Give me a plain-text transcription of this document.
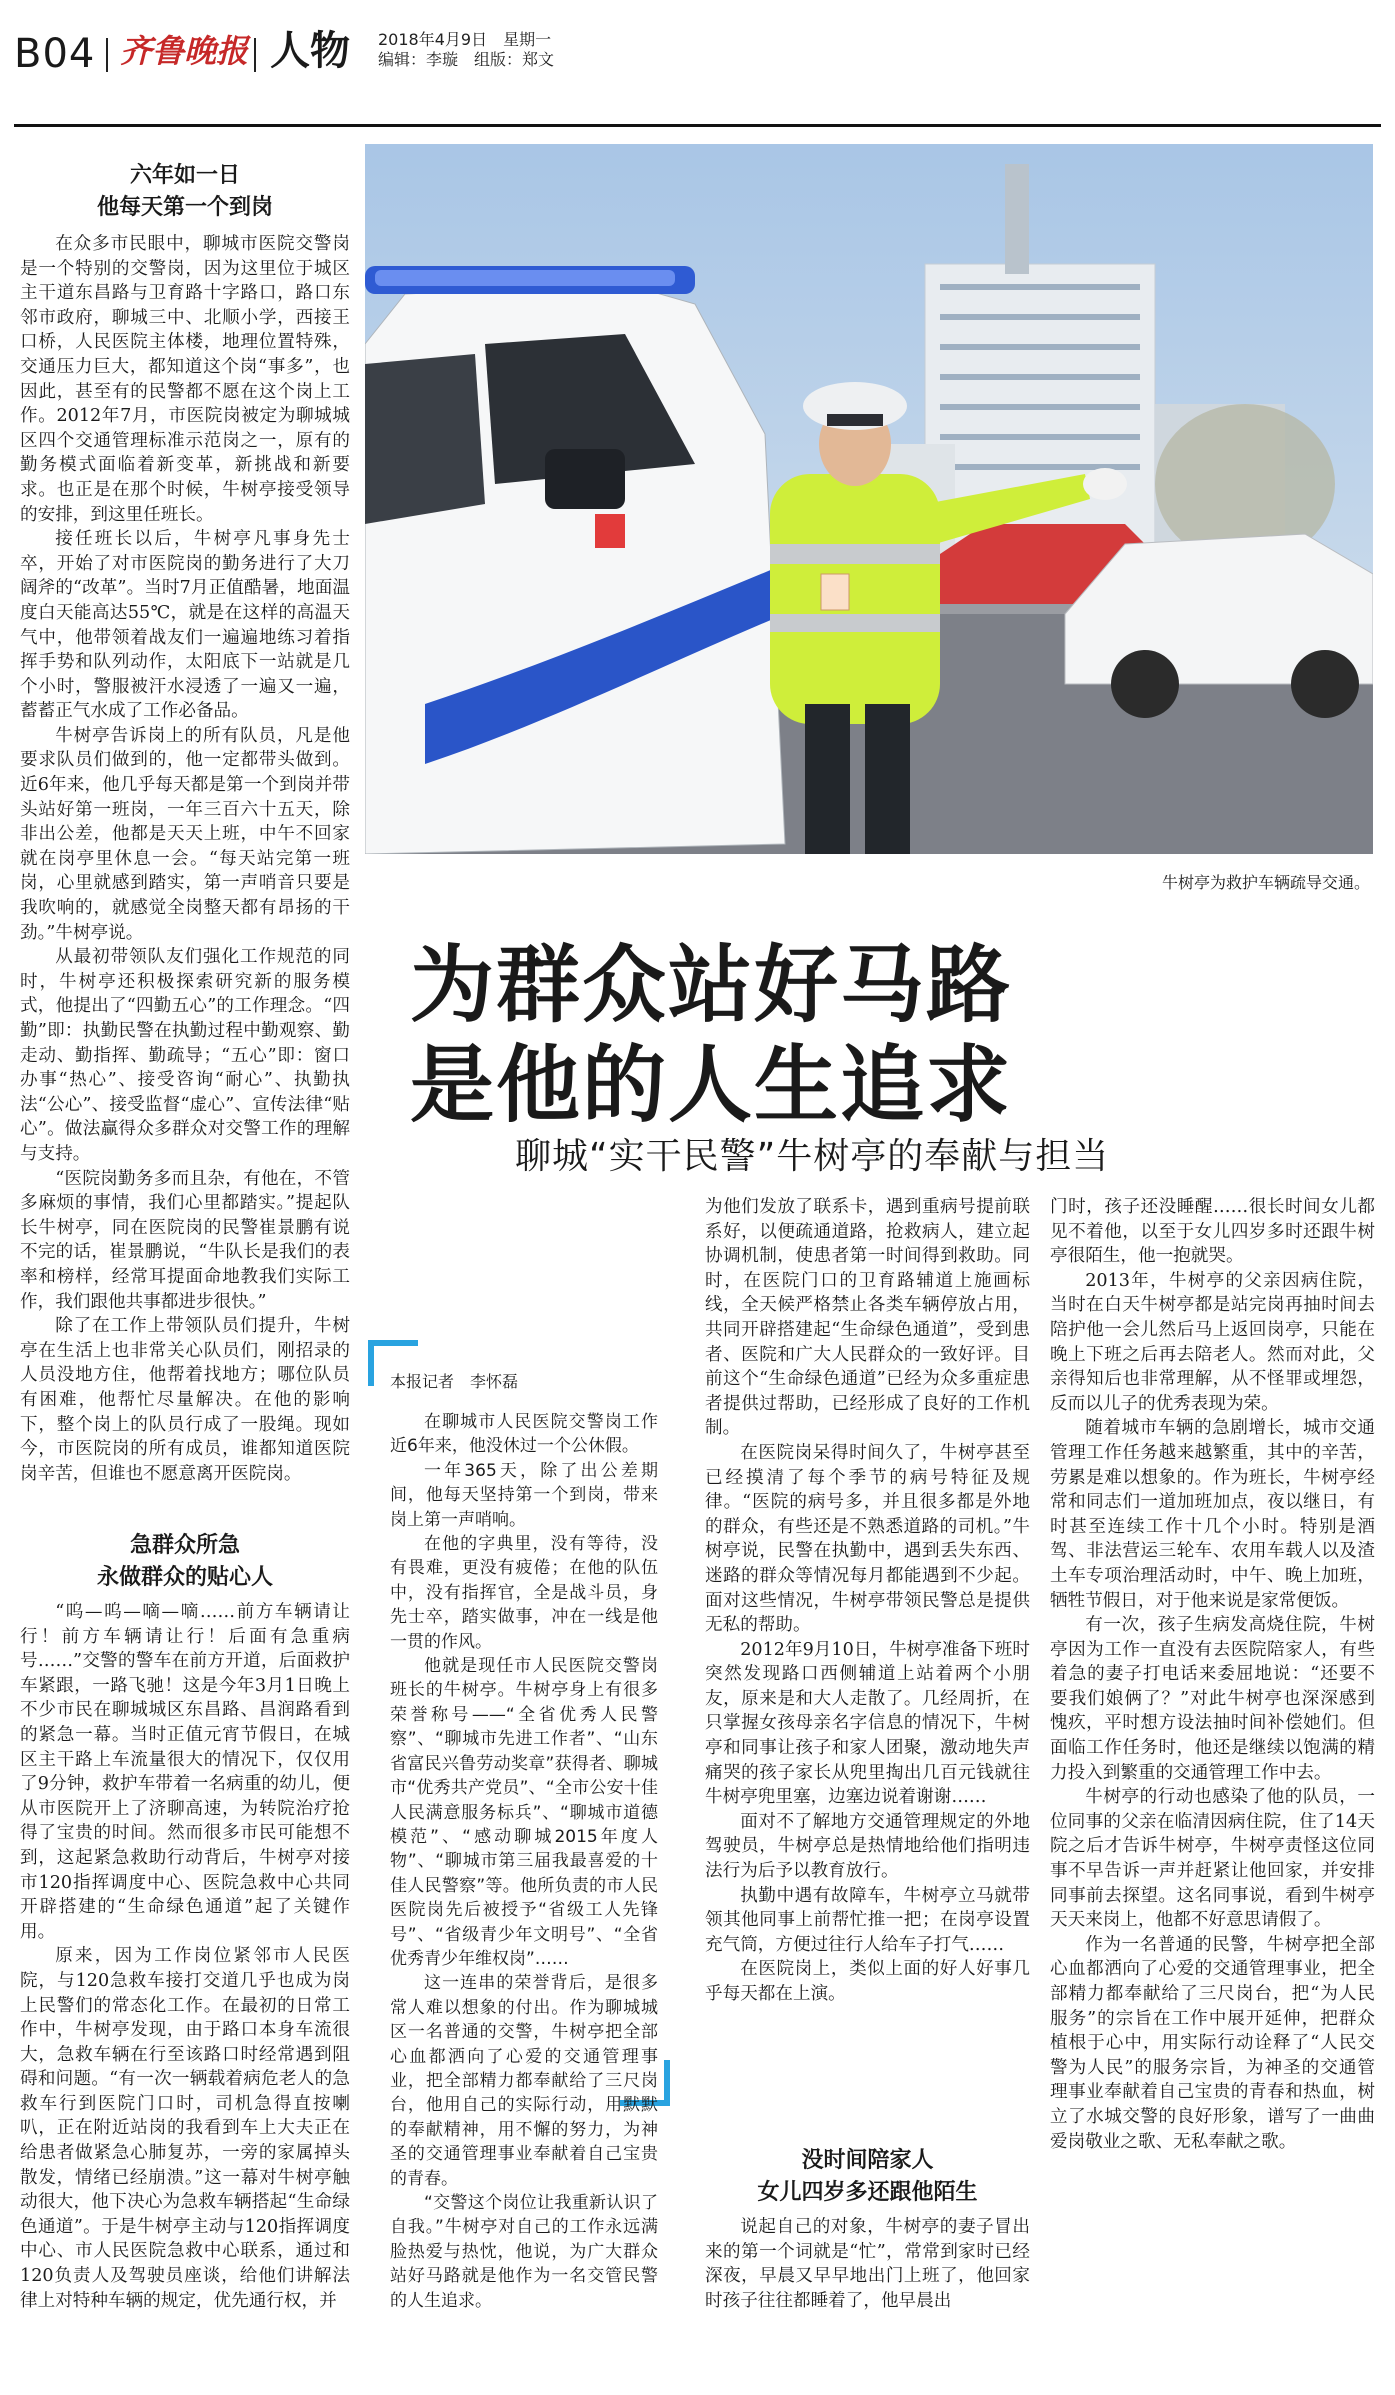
B04 齐鲁晚报 人物 2018年4月9日　星期一
编辑：李璇　组版：郑文
牛树亭为救护车辆疏导交通。
为群众站好马路
是他的人生追求
聊城“实干民警”牛树亭的奉献与担当
六年如一日
他每天第一个到岗

在众多市民眼中，聊城市医院交警岗是一个特别的交警岗，因为这里位于城区主干道东昌路与卫育路十字路口，路口东邻市政府，聊城三中、北顺小学，西接王口桥，人民医院主体楼，地理位置特殊，交通压力巨大，都知道这个岗“事多”，也因此，甚至有的民警都不愿在这个岗上工作。2012年7月，市医院岗被定为聊城城区四个交通管理标准示范岗之一，原有的勤务模式面临着新变革，新挑战和新要求。也正是在那个时候，牛树亭接受领导的安排，到这里任班长。

接任班长以后，牛树亭凡事身先士卒，开始了对市医院岗的勤务进行了大刀阔斧的“改革”。当时7月正值酷暑，地面温度白天能高达55℃，就是在这样的高温天气中，他带领着战友们一遍遍地练习着指挥手势和队列动作，太阳底下一站就是几个小时，警服被汗水浸透了一遍又一遍，蓄蓄正气水成了工作必备品。

牛树亭告诉岗上的所有队员，凡是他要求队员们做到的，他一定都带头做到。近6年来，他几乎每天都是第一个到岗并带头站好第一班岗，一年三百六十五天，除非出公差，他都是天天上班，中午不回家就在岗亭里休息一会。“每天站完第一班岗，心里就感到踏实，第一声哨音只要是我吹响的，就感觉全岗整天都有昂扬的干劲。”牛树亭说。

从最初带领队友们强化工作规范的同时，牛树亭还积极探索研究新的服务模式，他提出了“四勤五心”的工作理念。“四勤”即：执勤民警在执勤过程中勤观察、勤走动、勤指挥、勤疏导；“五心”即：窗口办事“热心”、接受咨询“耐心”、执勤执法“公心”、接受监督“虚心”、宣传法律“贴心”。做法赢得众多群众对交警工作的理解与支持。

“医院岗勤务多而且杂，有他在，不管多麻烦的事情，我们心里都踏实。”提起队长牛树亭，同在医院岗的民警崔景鹏有说不完的话，崔景鹏说，“牛队长是我们的表率和榜样，经常耳提面命地教我们实际工作，我们跟他共事都进步很快。”

除了在工作上带领队员们提升，牛树亭在生活上也非常关心队员们，刚招录的人员没地方住，他帮着找地方；哪位队员有困难，他帮忙尽量解决。在他的影响下，整个岗上的队员行成了一股绳。现如今，市医院岗的所有成员，谁都知道医院岗辛苦，但谁也不愿意离开医院岗。

急群众所急
永做群众的贴心人

“呜—呜—嘀—嘀……前方车辆请让行！前方车辆请让行！后面有急重病号……”交警的警车在前方开道，后面救护车紧跟，一路飞驰！这是今年3月1日晚上不少市民在聊城城区东昌路、昌润路看到的紧急一幕。当时正值元宵节假日，在城区主干路上车流量很大的情况下，仅仅用了9分钟，救护车带着一名病重的幼儿，便从市医院开上了济聊高速，为转院治疗抢得了宝贵的时间。然而很多市民可能想不到，这起紧急救助行动背后，牛树亭对接市120指挥调度中心、医院急救中心共同开辟搭建的“生命绿色通道”起了关键作用。

原来，因为工作岗位紧邻市人民医院，与120急救车接打交道几乎也成为岗上民警们的常态化工作。在最初的日常工作中，牛树亭发现，由于路口本身车流很大，急救车辆在行至该路口时经常遇到阻碍和问题。“有一次一辆载着病危老人的急救车行到医院门口时，司机急得直按喇叭，正在附近站岗的我看到车上大夫正在给患者做紧急心肺复苏，一旁的家属掉头散发，情绪已经崩溃。”这一幕对牛树亭触动很大，他下决心为急救车辆搭起“生命绿色通道”。于是牛树亭主动与120指挥调度中心、市人民医院急救中心联系，通过和120负责人及驾驶员座谈，给他们讲解法律上对特种车辆的规定，优先通行权，并

本报记者　李怀磊

在聊城市人民医院交警岗工作近6年来，他没休过一个公休假。

一年365天，除了出公差期间，他每天坚持第一个到岗，带来岗上第一声哨响。

在他的字典里，没有等待，没有畏难，更没有疲倦；在他的队伍中，没有指挥官，全是战斗员，身先士卒，踏实做事，冲在一线是他一贯的作风。

他就是现任市人民医院交警岗班长的牛树亭。牛树亭身上有很多荣誉称号——“全省优秀人民警察”、“聊城市先进工作者”、“山东省富民兴鲁劳动奖章”获得者、聊城市“优秀共产党员”、“全市公安十佳人民满意服务标兵”、“聊城市道德模范”、“感动聊城2015年度人物”、“聊城市第三届我最喜爱的十佳人民警察”等。他所负责的市人民医院岗先后被授予“省级工人先锋号”、“省级青少年文明号”、“全省优秀青少年维权岗”……

这一连串的荣誉背后，是很多常人难以想象的付出。作为聊城城区一名普通的交警，牛树亭把全部心血都洒向了心爱的交通管理事业，把全部精力都奉献给了三尺岗台，他用自己的实际行动，用默默的奉献精神，用不懈的努力，为神圣的交通管理事业奉献着自己宝贵的青春。

“交警这个岗位让我重新认识了自我。”牛树亭对自己的工作永远满脸热爱与热忱，他说，为广大群众站好马路就是他作为一名交管民警的人生追求。

为他们发放了联系卡，遇到重病号提前联系好，以便疏通道路，抢救病人，建立起协调机制，使患者第一时间得到救助。同时，在医院门口的卫育路辅道上施画标线，全天候严格禁止各类车辆停放占用，共同开辟搭建起“生命绿色通道”，受到患者、医院和广大人民群众的一致好评。目前这个“生命绿色通道”已经为众多重症患者提供过帮助，已经形成了良好的工作机制。

在医院岗呆得时间久了，牛树亭甚至已经摸清了每个季节的病号特征及规律。“医院的病号多，并且很多都是外地的群众，有些还是不熟悉道路的司机。”牛树亭说，民警在执勤中，遇到丢失东西、迷路的群众等情况每月都能遇到不少起。面对这些情况，牛树亭带领民警总是提供无私的帮助。

2012年9月10日，牛树亭准备下班时突然发现路口西侧辅道上站着两个小朋友，原来是和大人走散了。几经周折，在只掌握女孩母亲名字信息的情况下，牛树亭和同事让孩子和家人团聚，激动地失声痛哭的孩子家长从兜里掏出几百元钱就往牛树亭兜里塞，边塞边说着谢谢……

面对不了解地方交通管理规定的外地驾驶员，牛树亭总是热情地给他们指明违法行为后予以教育放行。

执勤中遇有故障车，牛树亭立马就带领其他同事上前帮忙推一把；在岗亭设置充气筒，方便过往行人给车子打气……

在医院岗上，类似上面的好人好事几乎每天都在上演。

没时间陪家人
女儿四岁多还跟他陌生

说起自己的对象，牛树亭的妻子冒出来的第一个词就是“忙”，常常到家时已经深夜，早晨又早早地出门上班了，他回家时孩子往往都睡着了，他早晨出

门时，孩子还没睡醒……很长时间女儿都见不着他，以至于女儿四岁多时还跟牛树亭很陌生，他一抱就哭。

2013年，牛树亭的父亲因病住院，当时在白天牛树亭都是站完岗再抽时间去陪护他一会儿然后马上返回岗亭，只能在晚上下班之后再去陪老人。然而对此，父亲得知后也非常理解，从不怪罪或埋怨，反而以儿子的优秀表现为荣。

随着城市车辆的急剧增长，城市交通管理工作任务越来越繁重，其中的辛苦，劳累是难以想象的。作为班长，牛树亭经常和同志们一道加班加点，夜以继日，有时甚至连续工作十几个小时。特别是酒驾、非法营运三轮车、农用车载人以及渣土车专项治理活动时，中午、晚上加班，牺牲节假日，对于他来说是家常便饭。

有一次，孩子生病发高烧住院，牛树亭因为工作一直没有去医院陪家人，有些着急的妻子打电话来委屈地说：“还要不要我们娘俩了？”对此牛树亭也深深感到愧疚，平时想方设法抽时间补偿她们。但面临工作任务时，他还是继续以饱满的精力投入到繁重的交通管理工作中去。

牛树亭的行动也感染了他的队员，一位同事的父亲在临清因病住院，住了14天院之后才告诉牛树亭，牛树亭责怪这位同事不早告诉一声并赶紧让他回家，并安排同事前去探望。这名同事说，看到牛树亭天天来岗上，他都不好意思请假了。

作为一名普通的民警，牛树亭把全部心血都洒向了心爱的交通管理事业，把全部精力都奉献给了三尺岗台，把“为人民服务”的宗旨在工作中展开延伸，把群众植根于心中，用实际行动诠释了“人民交警为人民”的服务宗旨，为神圣的交通管理事业奉献着自己宝贵的青春和热血，树立了水城交警的良好形象，谱写了一曲曲爱岗敬业之歌、无私奉献之歌。
